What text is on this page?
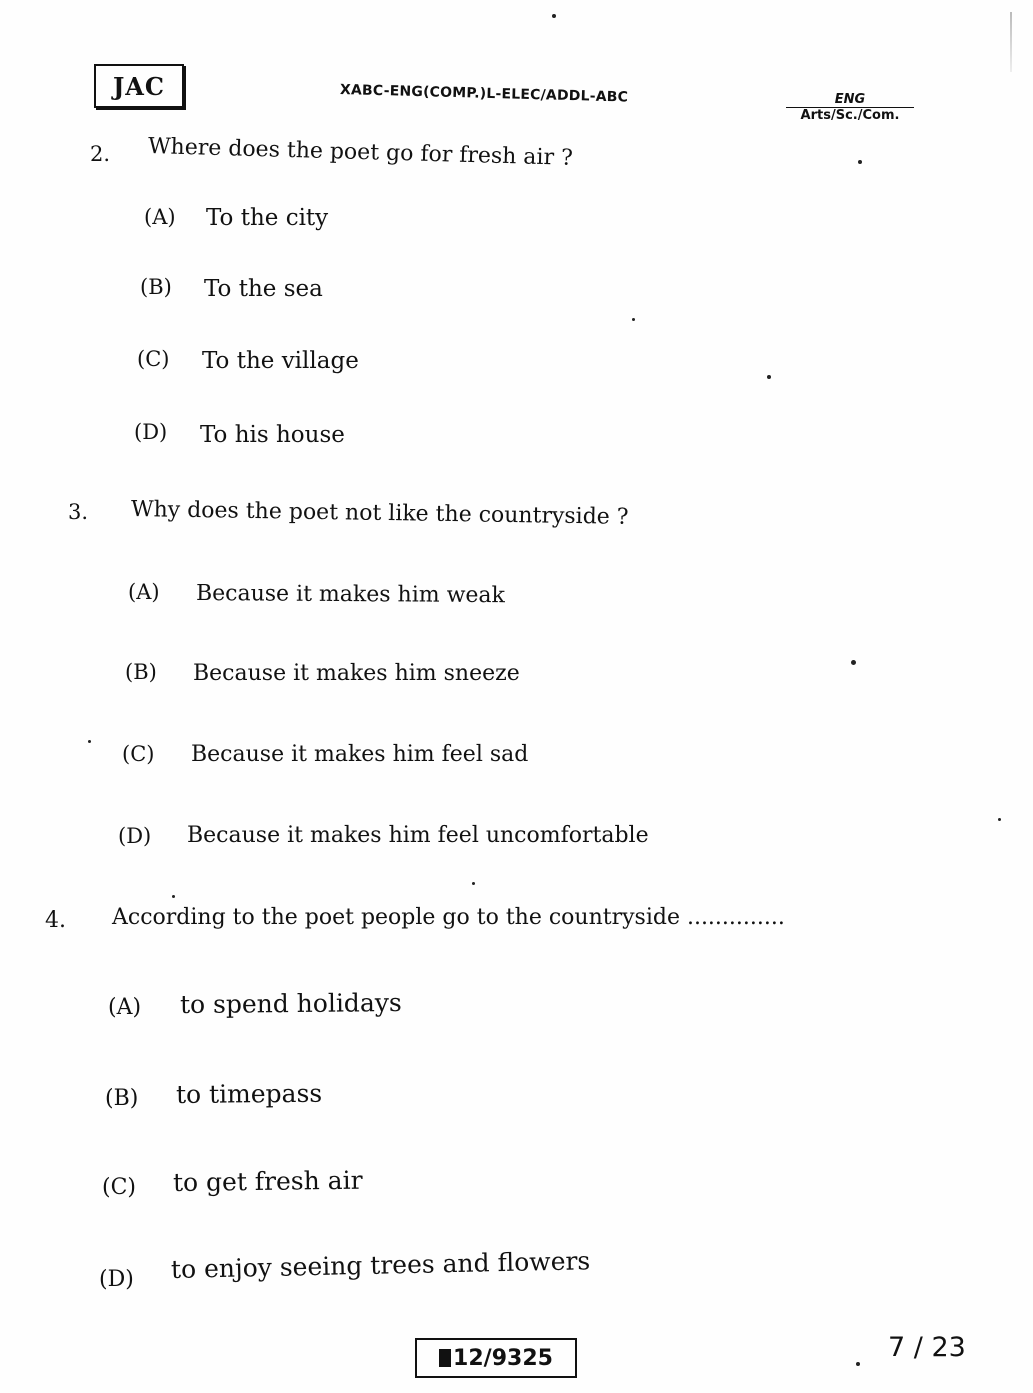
JAC	XABC-ENG(COMP.)L-ELEC/ADDL-ABC	ENG
Arts/Sc./Com.
2. Where does the poet go for fresh air ?
(A) To the city
(B) To the sea
(C) To the village
(D) To his house
3. Why does the poet not like the countryside ?
(A) Because it makes him weak
(B) Because it makes him sneeze
(C) Because it makes him feel sad
(D) Because it makes him feel uncomfortable
4. According to the poet people go to the countryside ..............
(A) to spend holidays
(B) to timepass
(C) to get fresh air
(D) to enjoy seeing trees and flowers
12/9325	7 / 23
